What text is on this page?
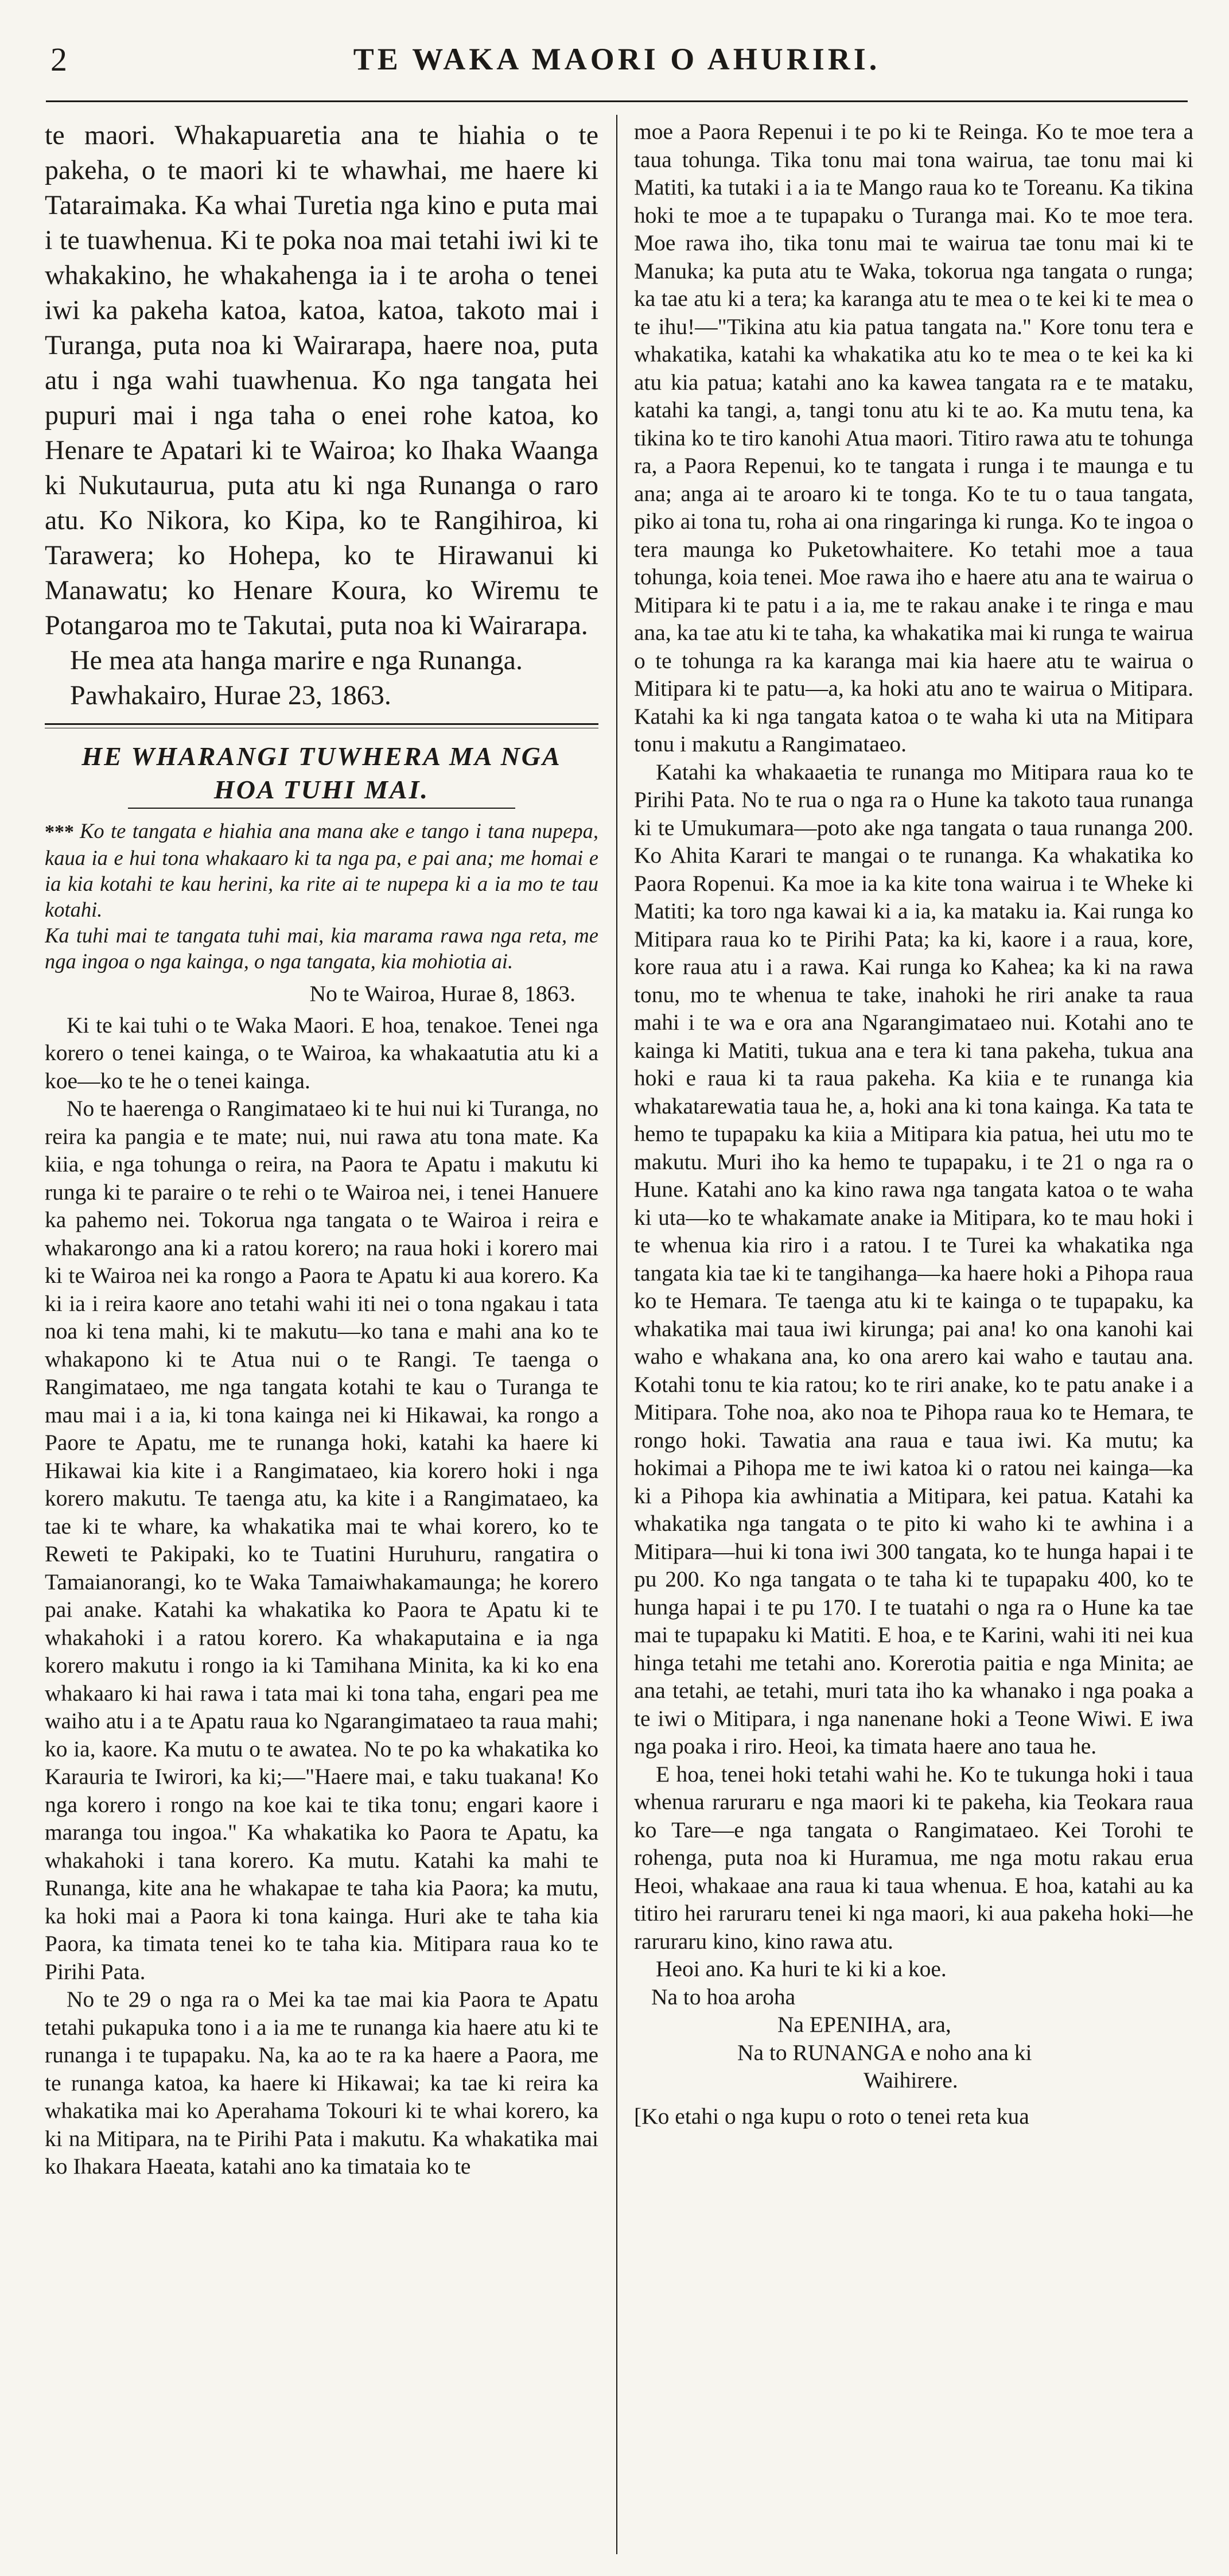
2	TE WAKA MAORI O AHURIRI.

te maori. Whakapuaretia ana te hiahia o te pakeha, o te maori ki te whawhai, me haere ki Tataraimaka. Ka whai Turetia nga kino e puta mai i te tuawhenua. Ki te poka noa mai tetahi iwi ki te whakakino, he whakahenga ia i te aroha o tenei iwi ka pakeha katoa, katoa, katoa, takoto mai i Turanga, puta noa ki Wairarapa, haere noa, puta atu i nga wahi tuawhenua. Ko nga tangata hei pupuri mai i nga taha o enei rohe katoa, ko Henare te Apatari ki te Wairoa; ko Ihaka Waanga ki Nukutaurua, puta atu ki nga Runanga o raro atu. Ko Nikora, ko Kipa, ko te Rangihiroa, ki Tarawera; ko Hohepa, ko te Hirawanui ki Manawatu; ko Henare Koura, ko Wiremu te Potangaroa mo te Takutai, puta noa ki Wairarapa.

He mea ata hanga marire e nga Runanga.

Pawhakairo, Hurae 23, 1863.

HE WHARANGI TUWHERA MA NGA
HOA TUHI MAI.

*** Ko te tangata e hiahia ana mana ake e tango i tana nupepa, kaua ia e hui tona whakaaro ki ta nga pa, e pai ana; me homai e ia kia kotahi te kau herini, ka rite ai te nupepa ki a ia mo te tau kotahi.

Ka tuhi mai te tangata tuhi mai, kia marama rawa nga reta, me nga ingoa o nga kainga, o nga tangata, kia mohiotia ai.

No te Wairoa, Hurae 8, 1863.

Ki te kai tuhi o te Waka Maori. E hoa, tenakoe. Tenei nga korero o tenei kainga, o te Wairoa, ka whakaatutia atu ki a koe—ko te he o tenei kainga.

No te haerenga o Rangimataeo ki te hui nui ki Turanga, no reira ka pangia e te mate; nui, nui rawa atu tona mate. Ka kiia, e nga tohunga o reira, na Paora te Apatu i makutu ki runga ki te paraire o te rehi o te Wairoa nei, i tenei Hanuere ka pahemo nei. Tokorua nga tangata o te Wairoa i reira e whakarongo ana ki a ratou korero; na raua hoki i korero mai ki te Wairoa nei ka rongo a Paora te Apatu ki aua korero. Ka ki ia i reira kaore ano tetahi wahi iti nei o tona ngakau i tata noa ki tena mahi, ki te makutu—ko tana e mahi ana ko te whakapono ki te Atua nui o te Rangi. Te taenga o Rangimataeo, me nga tangata kotahi te kau o Turanga te mau mai i a ia, ki tona kainga nei ki Hikawai, ka rongo a Paore te Apatu, me te runanga hoki, katahi ka haere ki Hikawai kia kite i a Rangimataeo, kia korero hoki i nga korero makutu. Te taenga atu, ka kite i a Rangimataeo, ka tae ki te whare, ka whakatika mai te whai korero, ko te Reweti te Pakipaki, ko te Tuatini Huruhuru, rangatira o Tamaianorangi, ko te Waka Tamaiwhakamaunga; he korero pai anake. Katahi ka whakatika ko Paora te Apatu ki te whakahoki i a ratou korero. Ka whakaputaina e ia nga korero makutu i rongo ia ki Tamihana Minita, ka ki ko ena whakaaro ki hai rawa i tata mai ki tona taha, engari pea me waiho atu i a te Apatu raua ko Ngarangimataeo ta raua mahi; ko ia, kaore. Ka mutu o te awatea. No te po ka whakatika ko Karauria te Iwirori, ka ki;—"Haere mai, e taku tuakana! Ko nga korero i rongo na koe kai te tika tonu; engari kaore i maranga tou ingoa." Ka whakatika ko Paora te Apatu, ka whakahoki i tana korero. Ka mutu. Katahi ka mahi te Runanga, kite ana he whakapae te taha kia Paora; ka mutu, ka hoki mai a Paora ki tona kainga. Huri ake te taha kia Paora, ka timata tenei ko te taha kia. Mitipara raua ko te Pirihi Pata.

No te 29 o nga ra o Mei ka tae mai kia Paora te Apatu tetahi pukapuka tono i a ia me te runanga kia haere atu ki te runanga i te tupapaku. Na, ka ao te ra ka haere a Paora, me te runanga katoa, ka haere ki Hikawai; ka tae ki reira ka whakatika mai ko Aperahama Tokouri ki te whai korero, ka ki na Mitipara, na te Pirihi Pata i makutu. Ka whakatika mai ko Ihakara Haeata, katahi ano ka timataia ko te

moe a Paora Repenui i te po ki te Reinga. Ko te moe tera a taua tohunga. Tika tonu mai tona wairua, tae tonu mai ki Matiti, ka tutaki i a ia te Mango raua ko te Toreanu. Ka tikina hoki te moe a te tupapaku o Turanga mai. Ko te moe tera. Moe rawa iho, tika tonu mai te wairua tae tonu mai ki te Manuka; ka puta atu te Waka, tokorua nga tangata o runga; ka tae atu ki a tera; ka karanga atu te mea o te kei ki te mea o te ihu!—"Tikina atu kia patua tangata na." Kore tonu tera e whakatika, katahi ka whakatika atu ko te mea o te kei ka ki atu kia patua; katahi ano ka kawea tangata ra e te mataku, katahi ka tangi, a, tangi tonu atu ki te ao. Ka mutu tena, ka tikina ko te tiro kanohi Atua maori. Titiro rawa atu te tohunga ra, a Paora Repenui, ko te tangata i runga i te maunga e tu ana; anga ai te aroaro ki te tonga. Ko te tu o taua tangata, piko ai tona tu, roha ai ona ringaringa ki runga. Ko te ingoa o tera maunga ko Puketowhaitere. Ko tetahi moe a taua tohunga, koia tenei. Moe rawa iho e haere atu ana te wairua o Mitipara ki te patu i a ia, me te rakau anake i te ringa e mau ana, ka tae atu ki te taha, ka whakatika mai ki runga te wairua o te tohunga ra ka karanga mai kia haere atu te wairua o Mitipara ki te patu—a, ka hoki atu ano te wairua o Mitipara. Katahi ka ki nga tangata katoa o te waha ki uta na Mitipara tonu i makutu a Rangimataeo.

Katahi ka whakaaetia te runanga mo Mitipara raua ko te Pirihi Pata. No te rua o nga ra o Hune ka takoto taua runanga ki te Umukumara—poto ake nga tangata o taua runanga 200. Ko Ahita Karari te mangai o te runanga. Ka whakatika ko Paora Ropenui. Ka moe ia ka kite tona wairua i te Wheke ki Matiti; ka toro nga kawai ki a ia, ka mataku ia. Kai runga ko Mitipara raua ko te Pirihi Pata; ka ki, kaore i a raua, kore, kore raua atu i a rawa. Kai runga ko Kahea; ka ki na rawa tonu, mo te whenua te take, inahoki he riri anake ta raua mahi i te wa e ora ana Ngarangimataeo nui. Kotahi ano te kainga ki Matiti, tukua ana e tera ki tana pakeha, tukua ana hoki e raua ki ta raua pakeha. Ka kiia e te runanga kia whakatarewatia taua he, a, hoki ana ki tona kainga. Ka tata te hemo te tupapaku ka kiia a Mitipara kia patua, hei utu mo te makutu. Muri iho ka hemo te tupapaku, i te 21 o nga ra o Hune. Katahi ano ka kino rawa nga tangata katoa o te waha ki uta—ko te whakamate anake ia Mitipara, ko te mau hoki i te whenua kia riro i a ratou. I te Turei ka whakatika nga tangata kia tae ki te tangihanga—ka haere hoki a Pihopa raua ko te Hemara. Te taenga atu ki te kainga o te tupapaku, ka whakatika mai taua iwi kirunga; pai ana! ko ona kanohi kai waho e whakana ana, ko ona arero kai waho e tautau ana. Kotahi tonu te kia ratou; ko te riri anake, ko te patu anake i a Mitipara. Tohe noa, ako noa te Pihopa raua ko te Hemara, te rongo hoki. Tawatia ana raua e taua iwi. Ka mutu; ka hokimai a Pihopa me te iwi katoa ki o ratou nei kainga—ka ki a Pihopa kia awhinatia a Mitipara, kei patua. Katahi ka whakatika nga tangata o te pito ki waho ki te awhina i a Mitipara—hui ki tona iwi 300 tangata, ko te hunga hapai i te pu 200. Ko nga tangata o te taha ki te tupapaku 400, ko te hunga hapai i te pu 170. I te tuatahi o nga ra o Hune ka tae mai te tupapaku ki Matiti. E hoa, e te Karini, wahi iti nei kua hinga tetahi me tetahi ano. Korerotia paitia e nga Minita; ae ana tetahi, ae tetahi, muri tata iho ka whanako i nga poaka a te iwi o Mitipara, i nga nanenane hoki a Teone Wiwi. E iwa nga poaka i riro. Heoi, ka timata haere ano taua he.

E hoa, tenei hoki tetahi wahi he. Ko te tukunga hoki i taua whenua raruraru e nga maori ki te pakeha, kia Teokara raua ko Tare—e nga tangata o Rangimataeo. Kei Torohi te rohenga, puta noa ki Huramua, me nga motu rakau erua Heoi, whakaae ana raua ki taua whenua. E hoa, katahi au ka titiro hei raruraru tenei ki nga maori, ki aua pakeha hoki—he raruraru kino, kino rawa atu.

Heoi ano. Ka huri te ki ki a koe.

Na to hoa aroha

Na EPENIHA, ara,

Na to RUNANGA e noho ana ki

Waihirere.

[Ko etahi o nga kupu o roto o tenei reta kua
